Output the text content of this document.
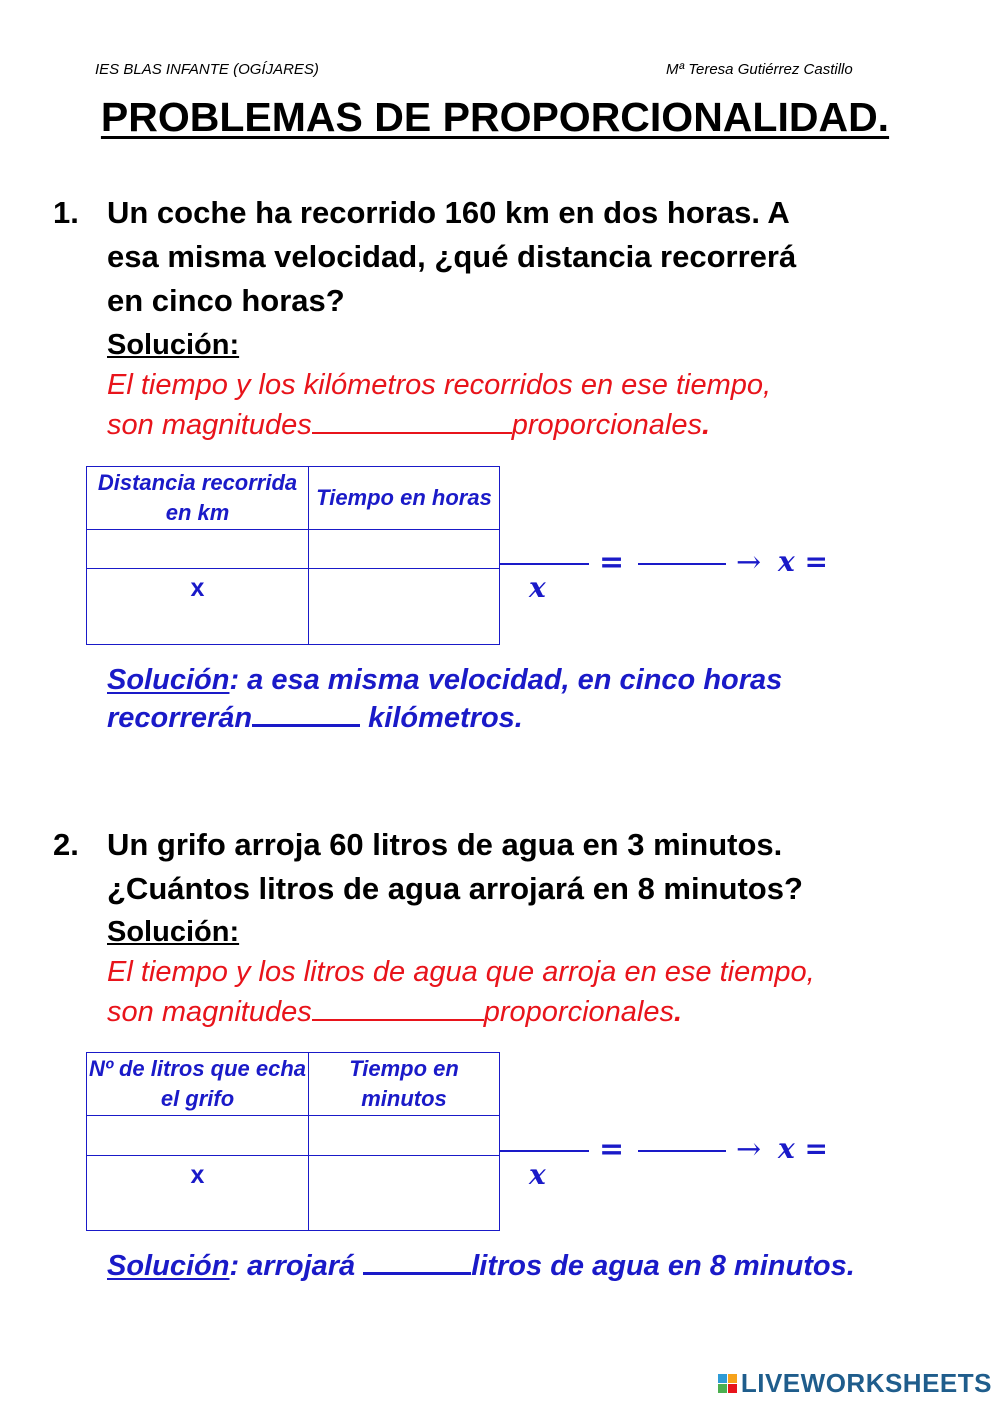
IES BLAS INFANTE (OGÍJARES)	Mª Teresa Gutiérrez Castillo
PROBLEMAS DE PROPORCIONALIDAD.
1. Un coche ha recorrido 160 km en dos horas. A
esa misma velocidad, ¿qué distancia recorrerá
en cinco horas?
Solución:
El tiempo y los kilómetros recorridos en ese tiempo,
son magnitudes	proporcionales.
Distancia recorrida en km	Tiempo en horas

x		x
=	→ x =
Solución: a esa misma velocidad, en cinco horas
recorrerán	kilómetros.
2. Un grifo arroja 60 litros de agua en 3 minutos.
¿Cuántos litros de agua arrojará en 8 minutos?
Solución:
El tiempo y los litros de agua que arroja en ese tiempo,
son magnitudes	proporcionales.
Nº de litros que echa el grifo	Tiempo en minutos

x		x
=	→ x =
Solución: arrojará	litros de agua en 8 minutos.
LIVEWORKSHEETS
